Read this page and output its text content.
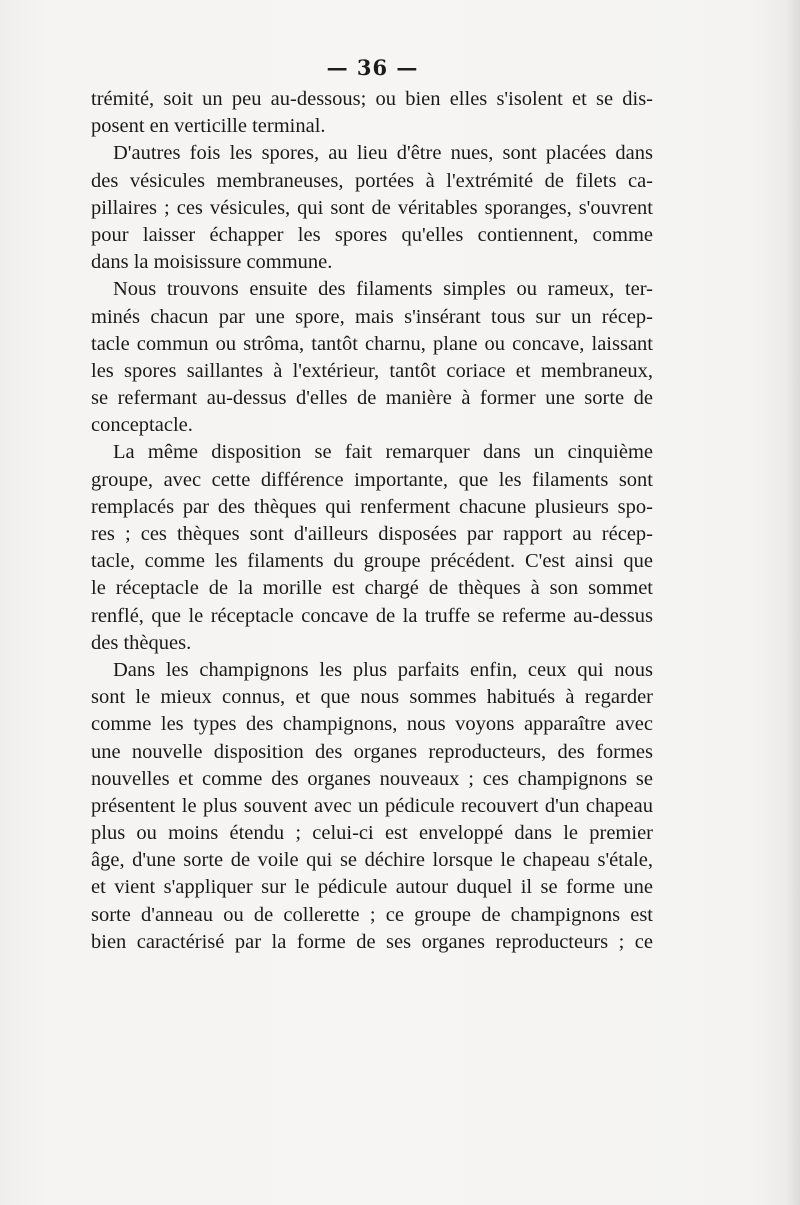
— 36 —
trémité, soit un peu au-dessous; ou bien elles s'isolent et se dis-
posent en verticille terminal.
D'autres fois les spores, au lieu d'être nues, sont placées dans
des vésicules membraneuses, portées à l'extrémité de filets ca-
pillaires ; ces vésicules, qui sont de véritables sporanges, s'ouvrent
pour laisser échapper les spores qu'elles contiennent, comme
dans la moisissure commune.
Nous trouvons ensuite des filaments simples ou rameux, ter-
minés chacun par une spore, mais s'insérant tous sur un récep-
tacle commun ou strôma, tantôt charnu, plane ou concave, laissant
les spores saillantes à l'extérieur, tantôt coriace et membraneux,
se refermant au-dessus d'elles de manière à former une sorte de
conceptacle.
La même disposition se fait remarquer dans un cinquième
groupe, avec cette différence importante, que les filaments sont
remplacés par des thèques qui renferment chacune plusieurs spo-
res ; ces thèques sont d'ailleurs disposées par rapport au récep-
tacle, comme les filaments du groupe précédent. C'est ainsi que
le réceptacle de la morille est chargé de thèques à son sommet
renflé, que le réceptacle concave de la truffe se referme au-dessus
des thèques.
Dans les champignons les plus parfaits enfin, ceux qui nous
sont le mieux connus, et que nous sommes habitués à regarder
comme les types des champignons, nous voyons apparaître avec
une nouvelle disposition des organes reproducteurs, des formes
nouvelles et comme des organes nouveaux ; ces champignons se
présentent le plus souvent avec un pédicule recouvert d'un chapeau
plus ou moins étendu ; celui-ci est enveloppé dans le premier
âge, d'une sorte de voile qui se déchire lorsque le chapeau s'étale,
et vient s'appliquer sur le pédicule autour duquel il se forme une
sorte d'anneau ou de collerette ; ce groupe de champignons est
bien caractérisé par la forme de ses organes reproducteurs ; ce
